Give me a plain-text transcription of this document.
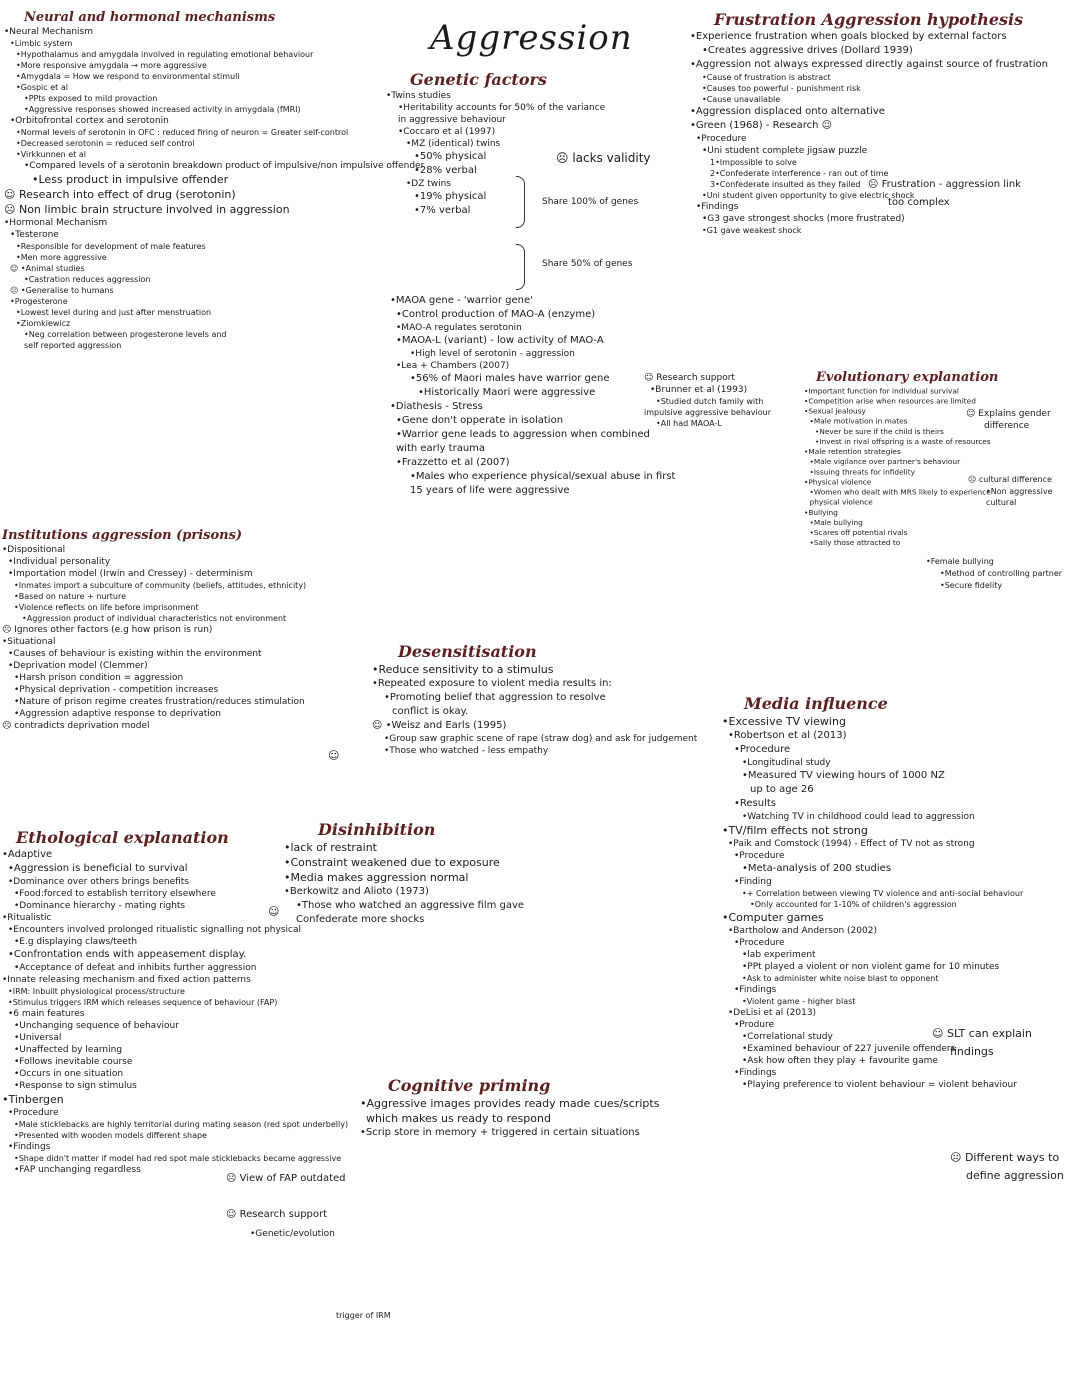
Aggression
Neural and hormonal mechanisms
•Neural Mechanism
•Limbic system
•Hypothalamus and amygdala involved in regulating emotional behaviour
•More responsive amygdala → more aggressive
•Amygdala = How we respond to environmental stimuli
•Gospic et al
•PPts exposed to mild provaction
•Aggressive responses showed increased activity in amygdala (fMRI)
•Orbitofrontal cortex and serotonin
•Normal levels of serotonin in OFC : reduced firing of neuron = Greater self-control
•Decreased serotonin = reduced self control
•Virkkunnen et al
•Compared levels of a serotonin breakdown product of impulsive/non impulsive offender
•Less product in impulsive offender
☺ Research into effect of drug (serotonin)
☹ Non limbic brain structure involved in aggression
•Hormonal Mechanism
•Testerone
•Responsible for development of male features
•Men more aggressive
☺ •Animal studies
•Castration reduces aggression
☹ •Generalise to humans
•Progesterone
•Lowest level during and just after menstruation
•Ziomkiewicz
•Neg correlation between progesterone levels and
self reported aggression
Genetic factors
•Twins studies
•Heritability accounts for 50% of the variance
in aggressive behaviour
•Coccaro et al (1997)
•MZ (identical) twins
•50% physical
•28% verbal
•DZ twins
•19% physical
•7% verbal
☹ lacks validity
Share 100% of genes
Share 50% of genes
•MAOA gene - 'warrior gene'
•Control production of MAO-A (enzyme)
•MAO-A regulates serotonin
•MAOA-L (variant) - low activity of MAO-A
•High level of serotonin - aggression
•Lea + Chambers (2007)
•56% of Maori males have warrior gene
•Historically Maori were aggressive
•Diathesis - Stress
•Gene don't opperate in isolation
•Warrior gene leads to aggression when combined
with early trauma
•Frazzetto et al (2007)
•Males who experience physical/sexual abuse in first
15 years of life were aggressive
☺ Research support
•Brunner et al (1993)
•Studied dutch family with
impulsive aggressive behaviour
•All had MAOA-L
Frustration Aggression hypothesis
•Experience frustration when goals blocked by external factors
•Creates aggressive drives (Dollard 1939)
•Aggression not always expressed directly against source of frustration
•Cause of frustration is abstract
•Causes too powerful - punishment risk
•Cause unavailable
•Aggression displaced onto alternative
•Green (1968) - Research ☺
•Procedure
•Uni student complete jigsaw puzzle
1•Impossible to solve
2•Confederate interference - ran out of time
3•Confederate insulted as they failed
•Uni student given opportunity to give electric shock
•Findings
•G3 gave strongest shocks (more frustrated)
•G1 gave weakest shock
☹ Frustration - aggression link
too complex
Evolutionary explanation
•Important function for individual survival
•Competition arise when resources are limited
•Sexual jealousy
•Male motivation in mates
•Never be sure if the child is theirs
•Invest in rival offspring is a waste of resources
•Male retention strategies
•Male vigilance over partner's behaviour
•Issuing threats for infidelity
•Physical violence
•Women who dealt with MRS likely to experience
physical violence
•Bullying
•Male bullying
•Scares off potential rivals
•Sally those attracted to
☺ Explains gender
difference
☹ cultural difference
•Non aggressive cultural
•Female bullying
•Method of controlling partner
•Secure fidelity
Institutions aggression (prisons)
•Dispositional
•Individual personality
•Importation model (Irwin and Cressey) - determinism
•Inmates import a subculture of community (beliefs, attitudes, ethnicity)
•Based on nature + nurture
•Violence reflects on life before imprisonment
•Aggression product of individual characteristics not environment
☹ Ignores other factors (e.g how prison is run)
•Situational
•Causes of behaviour is existing within the environment
•Deprivation model (Clemmer)
•Harsh prison condition = aggression
•Physical deprivation - competition increases
•Nature of prison regime creates frustration/reduces stimulation
•Aggression adaptive response to deprivation
☹ contradicts deprivation model
☺
Desensitisation
•Reduce sensitivity to a stimulus
•Repeated exposure to violent media results in:
•Promoting belief that aggression to resolve
conflict is okay.
☺ •Weisz and Earls (1995)
•Group saw graphic scene of rape (straw dog) and ask for judgement
•Those who watched - less empathy
Ethological explanation
•Adaptive
•Aggression is beneficial to survival
•Dominance over others brings benefits
•Food:forced to establish territory elsewhere
•Dominance hierarchy - mating rights
•Ritualistic
•Encounters involved prolonged ritualistic signalling not physical
•E.g displaying claws/teeth
•Confrontation ends with appeasement display.
•Acceptance of defeat and inhibits further aggression
•Innate releasing mechanism and fixed action patterns
•IRM: Inbuilt physiological process/structure
•Stimulus triggers IRM which releases sequence of behaviour (FAP)
•6 main features
•Unchanging sequence of behaviour
•Universal
•Unaffected by learning
•Follows inevitable course
•Occurs in one situation
•Response to sign stimulus
•Tinbergen
•Procedure
•Male sticklebacks are highly territorial during mating season (red spot underbelly)
•Presented with wooden models different shape
•Findings
•Shape didn't matter if model had red spot male sticklebacks became aggressive
•FAP unchanging regardless
☹ View of FAP outdated
☺ Research support
•Genetic/evolution
trigger of IRM
Disinhibition
•lack of restraint
•Constraint weakened due to exposure
•Media makes aggression normal
•Berkowitz and Alioto (1973)
•Those who watched an aggressive film gave
Confederate more shocks
☺
Cognitive priming
•Aggressive images provides ready made cues/scripts
which makes us ready to respond
•Scrip store in memory + triggered in certain situations
Media influence
•Excessive TV viewing
•Robertson et al (2013)
•Procedure
•Longitudinal study
•Measured TV viewing hours of 1000 NZ
up to age 26
•Results
•Watching TV in childhood could lead to aggression
•TV/film effects not strong
•Paik and Comstock (1994) - Effect of TV not as strong
•Procedure
•Meta-analysis of 200 studies
•Finding
•+ Correlation between viewing TV violence and anti-social behaviour
•Only accounted for 1-10% of children's aggression
•Computer games
•Bartholow and Anderson (2002)
•Procedure
•lab experiment
•PPt played a violent or non violent game for 10 minutes
•Ask to administer white noise blast to opponent
•Findings
•Violent game - higher blast
•DeLisi et al (2013)
•Produre
•Correlational study
•Examined behaviour of 227 juvenile offenders
•Ask how often they play + favourite game
•Findings
•Playing preference to violent behaviour = violent behaviour
☺ SLT can explain
findings
☹ Different ways to
define aggression
